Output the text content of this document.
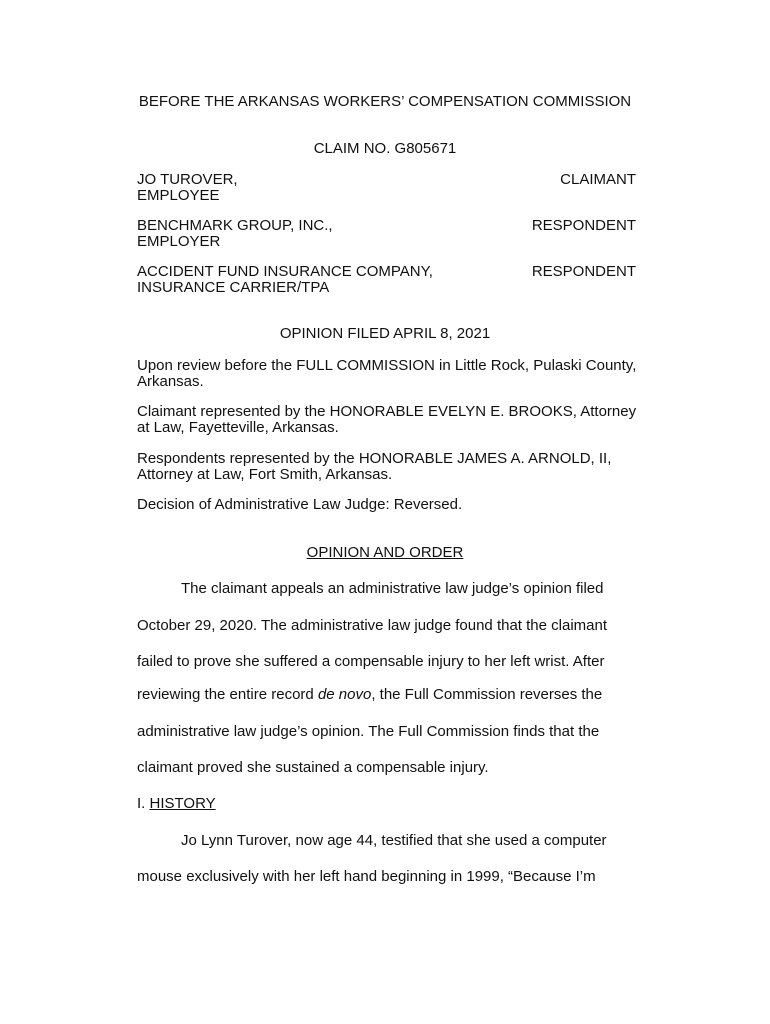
BEFORE THE ARKANSAS WORKERS’ COMPENSATION COMMISSION
CLAIM NO. G805671
JO TUROVER,
EMPLOYEE
CLAIMANT
BENCHMARK GROUP, INC.,
EMPLOYER
RESPONDENT
ACCIDENT FUND INSURANCE COMPANY,
INSURANCE CARRIER/TPA
RESPONDENT
OPINION FILED APRIL 8, 2021
Upon review before the FULL COMMISSION in Little Rock, Pulaski County,
Arkansas.
Claimant represented by the HONORABLE EVELYN E. BROOKS, Attorney
at Law, Fayetteville, Arkansas.
Respondents represented by the HONORABLE JAMES A. ARNOLD, II,
Attorney at Law, Fort Smith, Arkansas.
Decision of Administrative Law Judge: Reversed.
OPINION AND ORDER
The claimant appeals an administrative law judge’s opinion filed
October 29, 2020. The administrative law judge found that the claimant
failed to prove she suffered a compensable injury to her left wrist. After
reviewing the entire record de novo, the Full Commission reverses the
administrative law judge’s opinion. The Full Commission finds that the
claimant proved she sustained a compensable injury.
I. HISTORY
Jo Lynn Turover, now age 44, testified that she used a computer
mouse exclusively with her left hand beginning in 1999, “Because I’m
